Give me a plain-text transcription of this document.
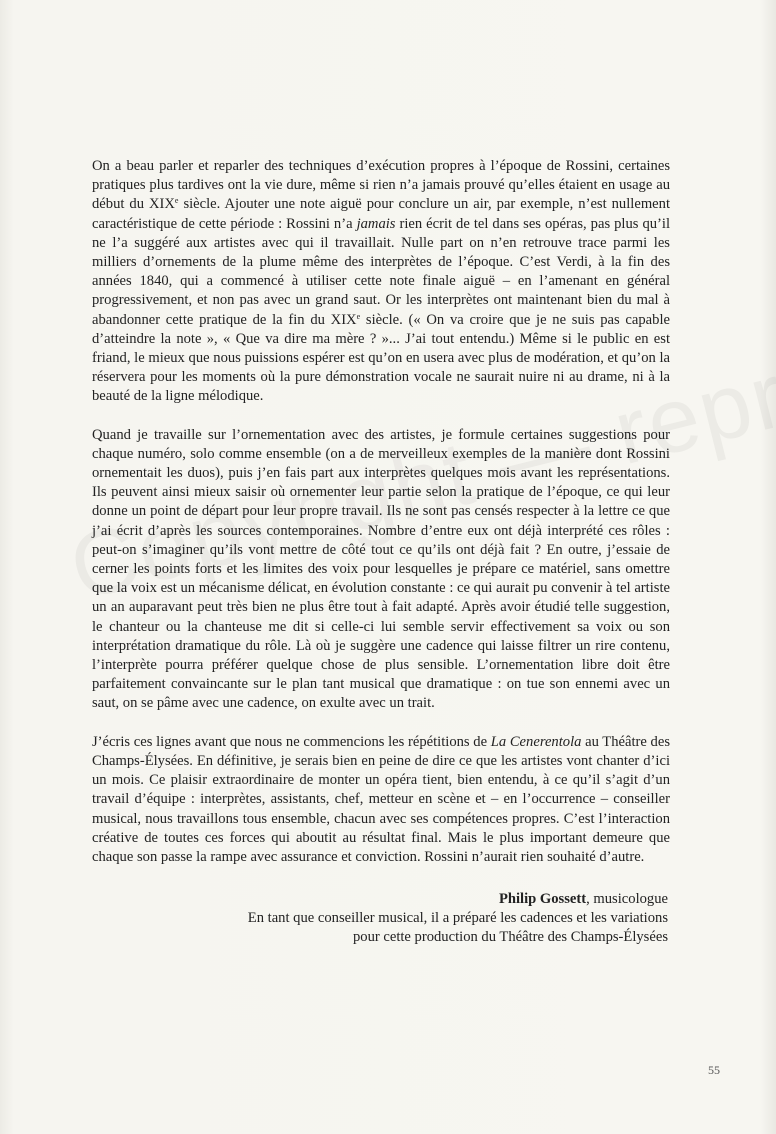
On a beau parler et reparler des techniques d’exécution propres à l’époque de Rossini, certaines pratiques plus tardives ont la vie dure, même si rien n’a jamais prouvé qu’elles étaient en usage au début du XIXe siècle. Ajouter une note aiguë pour conclure un air, par exemple, n’est nullement caractéristique de cette période : Rossini n’a jamais rien écrit de tel dans ses opéras, pas plus qu’il ne l’a suggéré aux artistes avec qui il travaillait. Nulle part on n’en retrouve trace parmi les milliers d’ornements de la plume même des interprètes de l’époque. C’est Verdi, à la fin des années 1840, qui a commencé à utiliser cette note finale aiguë – en l’amenant en général progressivement, et non pas avec un grand saut. Or les interprètes ont maintenant bien du mal à abandonner cette pratique de la fin du XIXe siècle. (« On va croire que je ne suis pas capable d’atteindre la note », « Que va dire ma mère ? »... J’ai tout entendu.) Même si le public en est friand, le mieux que nous puissions espérer est qu’on en usera avec plus de modération, et qu’on la réservera pour les moments où la pure démonstration vocale ne saurait nuire ni au drame, ni à la beauté de la ligne mélodique.

Quand je travaille sur l’ornementation avec des artistes, je formule certaines suggestions pour chaque numéro, solo comme ensemble (on a de merveilleux exemples de la manière dont Rossini ornementait les duos), puis j’en fais part aux interprètes quelques mois avant les représentations. Ils peuvent ainsi mieux saisir où ornementer leur partie selon la pratique de l’époque, ce qui leur donne un point de départ pour leur propre travail. Ils ne sont pas censés respecter à la lettre ce que j’ai écrit d’après les sources contemporaines. Nombre d’entre eux ont déjà interprété ces rôles : peut-on s’imaginer qu’ils vont mettre de côté tout ce qu’ils ont déjà fait ? En outre, j’essaie de cerner les points forts et les limites des voix pour lesquelles je prépare ce matériel, sans omettre que la voix est un mécanisme délicat, en évolution constante : ce qui aurait pu convenir à tel artiste un an auparavant peut très bien ne plus être tout à fait adapté. Après avoir étudié telle suggestion, le chanteur ou la chanteuse me dit si celle-ci lui semble servir effectivement sa voix ou son interprétation dramatique du rôle. Là où je suggère une cadence qui laisse filtrer un rire contenu, l’interprète pourra préférer quelque chose de plus sensible. L’ornementation libre doit être parfaitement convaincante sur le plan tant musical que dramatique : on tue son ennemi avec un saut, on se pâme avec une cadence, on exulte avec un trait.

J’écris ces lignes avant que nous ne commencions les répétitions de La Cenerentola au Théâtre des Champs-Élysées. En définitive, je serais bien en peine de dire ce que les artistes vont chanter d’ici un mois. Ce plaisir extraordinaire de monter un opéra tient, bien entendu, à ce qu’il s’agit d’un travail d’équipe : interprètes, assistants, chef, metteur en scène et – en l’occurrence – conseiller musical, nous travaillons tous ensemble, chacun avec ses compétences propres. C’est l’interaction créative de toutes ces forces qui aboutit au résultat final. Mais le plus important demeure que chaque son passe la rampe avec assurance et conviction. Rossini n’aurait rien souhaité d’autre.

Philip Gossett, musicologue
En tant que conseiller musical, il a préparé les cadences et les variations
pour cette production du Théâtre des Champs-Élysées
55
